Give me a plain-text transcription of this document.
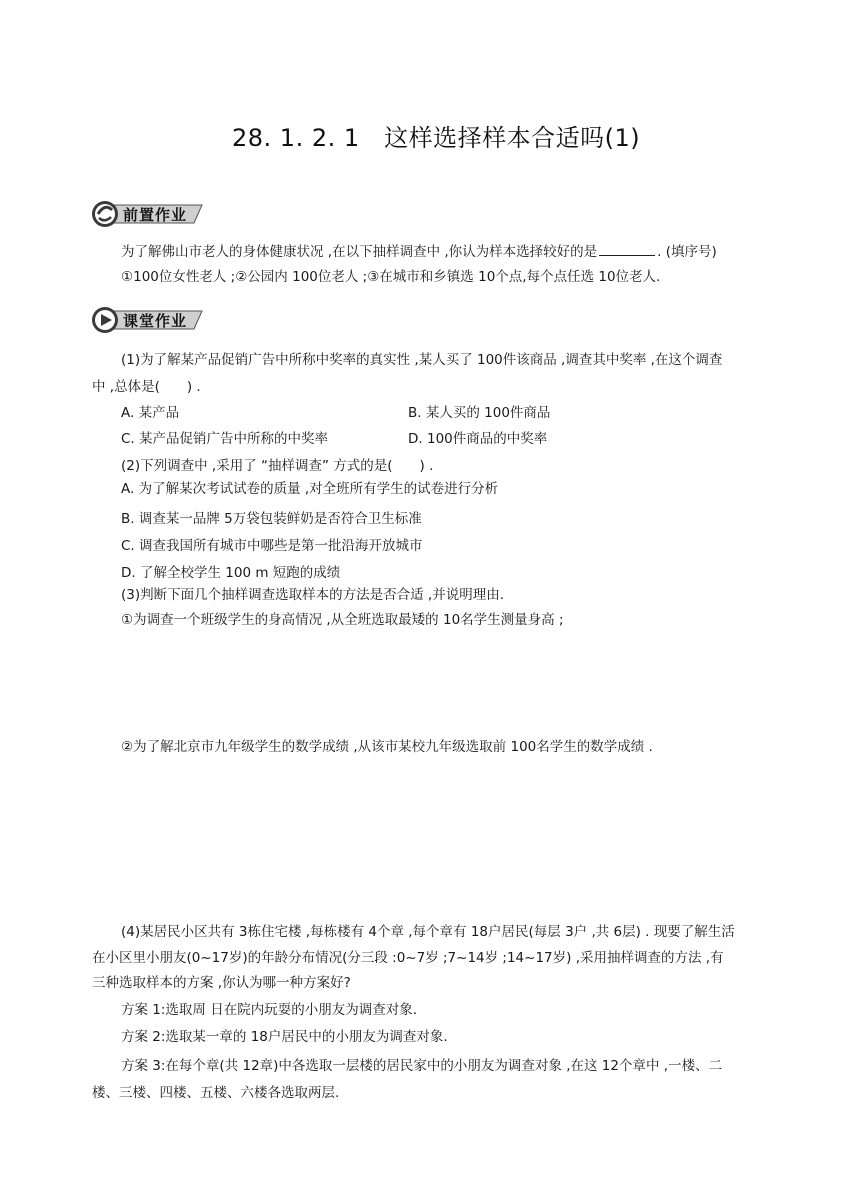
28. 1. 2. 1　这样选择样本合适吗(1)
前置作业
为了解佛山市老人的身体健康状况 ,在以下抽样调查中 ,你认为样本选择较好的是	. (填序号)
①100位女性老人 ;②公园内 100位老人 ;③在城市和乡镇选 10个点,每个点任选 10位老人.
课堂作业
(1)为了解某产品促销广告中所称中奖率的真实性 ,某人买了 100件该商品 ,调查其中奖率 ,在这个调查
中 ,总体是(　　) .
A. 某产品	B. 某人买的 100件商品
C. 某产品促销广告中所称的中奖率	D. 100件商品的中奖率
(2)下列调查中 ,采用了 “抽样调查” 方式的是(　　) .
A. 为了解某次考试试卷的质量 ,对全班所有学生的试卷进行分析
B. 调查某一品牌 5万袋包装鲜奶是否符合卫生标准
C. 调查我国所有城市中哪些是第一批沿海开放城市
D. 了解全校学生 100 m 短跑的成绩
(3)判断下面几个抽样调查选取样本的方法是否合适 ,并说明理由.
①为调查一个班级学生的身高情况 ,从全班选取最矮的 10名学生测量身高 ;
②为了解北京市九年级学生的数学成绩 ,从该市某校九年级选取前 100名学生的数学成绩 .
(4)某居民小区共有 3栋住宅楼 ,每栋楼有 4个章 ,每个章有 18户居民(每层 3户 ,共 6层) . 现要了解生活
在小区里小朋友(0~17岁)的年龄分布情况(分三段 :0~7岁 ;7~14岁 ;14~17岁) ,采用抽样调查的方法 ,有
三种选取样本的方案 ,你认为哪一种方案好?
方案 1:选取周 日在院内玩耍的小朋友为调查对象.
方案 2:选取某一章的 18户居民中的小朋友为调查对象.
方案 3:在每个章(共 12章)中各选取一层楼的居民家中的小朋友为调查对象 ,在这 12个章中 ,一楼、二
楼、三楼、四楼、五楼、六楼各选取两层.
